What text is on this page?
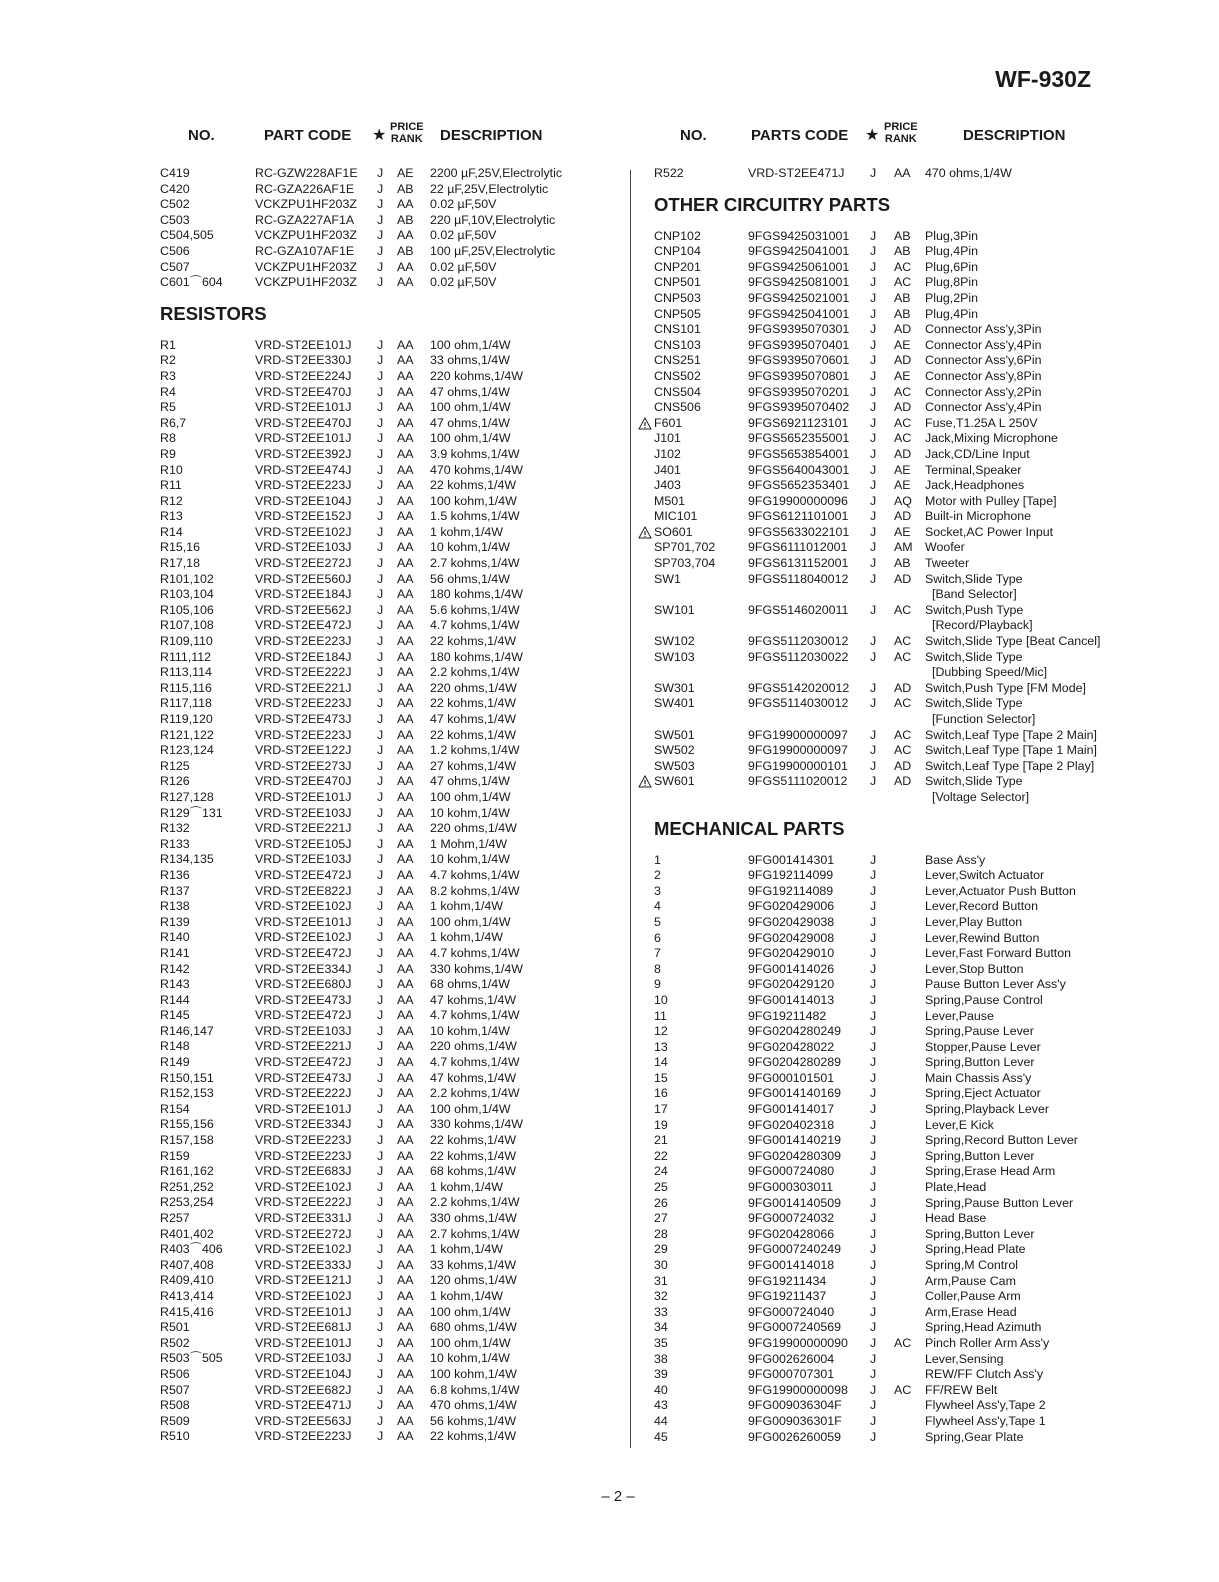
WF-930Z
NO.	PART CODE ★ PRICE
RANK DESCRIPTION
C419	RC-GZW228AF1E J AE 2200 µF,25V,Electrolytic
C420	RC-GZA226AF1E J AB 22 µF,25V,Electrolytic
C502	VCKZPU1HF203Z J AA 0.02 µF,50V
C503	RC-GZA227AF1A J AB 220 µF,10V,Electrolytic
C504,505	VCKZPU1HF203Z J AA 0.02 µF,50V
C506	RC-GZA107AF1E J AB 100 µF,25V,Electrolytic
C507	VCKZPU1HF203Z J AA 0.02 µF,50V
C601⌒604	VCKZPU1HF203Z J AA 0.02 µF,50V
RESISTORS
R1	VRD-ST2EE101J J AA 100 ohm,1/4W
R2	VRD-ST2EE330J J AA 33 ohms,1/4W
R3	VRD-ST2EE224J J AA 220 kohms,1/4W
R4	VRD-ST2EE470J J AA 47 ohms,1/4W
R5	VRD-ST2EE101J J AA 100 ohm,1/4W
R6,7	VRD-ST2EE470J J AA 47 ohms,1/4W
R8	VRD-ST2EE101J J AA 100 ohm,1/4W
R9	VRD-ST2EE392J J AA 3.9 kohms,1/4W
R10	VRD-ST2EE474J J AA 470 kohms,1/4W
R11	VRD-ST2EE223J J AA 22 kohms,1/4W
R12	VRD-ST2EE104J J AA 100 kohm,1/4W
R13	VRD-ST2EE152J J AA 1.5 kohms,1/4W
R14	VRD-ST2EE102J J AA 1 kohm,1/4W
R15,16	VRD-ST2EE103J J AA 10 kohm,1/4W
R17,18	VRD-ST2EE272J J AA 2.7 kohms,1/4W
R101,102	VRD-ST2EE560J J AA 56 ohms,1/4W
R103,104	VRD-ST2EE184J J AA 180 kohms,1/4W
R105,106	VRD-ST2EE562J J AA 5.6 kohms,1/4W
R107,108	VRD-ST2EE472J J AA 4.7 kohms,1/4W
R109,110	VRD-ST2EE223J J AA 22 kohms,1/4W
R111,112	VRD-ST2EE184J J AA 180 kohms,1/4W
R113,114	VRD-ST2EE222J J AA 2.2 kohms,1/4W
R115,116	VRD-ST2EE221J J AA 220 ohms,1/4W
R117,118	VRD-ST2EE223J J AA 22 kohms,1/4W
R119,120	VRD-ST2EE473J J AA 47 kohms,1/4W
R121,122	VRD-ST2EE223J J AA 22 kohms,1/4W
R123,124	VRD-ST2EE122J J AA 1.2 kohms,1/4W
R125	VRD-ST2EE273J J AA 27 kohms,1/4W
R126	VRD-ST2EE470J J AA 47 ohms,1/4W
R127,128	VRD-ST2EE101J J AA 100 ohm,1/4W
R129⌒131	VRD-ST2EE103J J AA 10 kohm,1/4W
R132	VRD-ST2EE221J J AA 220 ohms,1/4W
R133	VRD-ST2EE105J J AA 1 Mohm,1/4W
R134,135	VRD-ST2EE103J J AA 10 kohm,1/4W
R136	VRD-ST2EE472J J AA 4.7 kohms,1/4W
R137	VRD-ST2EE822J J AA 8.2 kohms,1/4W
R138	VRD-ST2EE102J J AA 1 kohm,1/4W
R139	VRD-ST2EE101J J AA 100 ohm,1/4W
R140	VRD-ST2EE102J J AA 1 kohm,1/4W
R141	VRD-ST2EE472J J AA 4.7 kohms,1/4W
R142	VRD-ST2EE334J J AA 330 kohms,1/4W
R143	VRD-ST2EE680J J AA 68 ohms,1/4W
R144	VRD-ST2EE473J J AA 47 kohms,1/4W
R145	VRD-ST2EE472J J AA 4.7 kohms,1/4W
R146,147	VRD-ST2EE103J J AA 10 kohm,1/4W
R148	VRD-ST2EE221J J AA 220 ohms,1/4W
R149	VRD-ST2EE472J J AA 4.7 kohms,1/4W
R150,151	VRD-ST2EE473J J AA 47 kohms,1/4W
R152,153	VRD-ST2EE222J J AA 2.2 kohms,1/4W
R154	VRD-ST2EE101J J AA 100 ohm,1/4W
R155,156	VRD-ST2EE334J J AA 330 kohms,1/4W
R157,158	VRD-ST2EE223J J AA 22 kohms,1/4W
R159	VRD-ST2EE223J J AA 22 kohms,1/4W
R161,162	VRD-ST2EE683J J AA 68 kohms,1/4W
R251,252	VRD-ST2EE102J J AA 1 kohm,1/4W
R253,254	VRD-ST2EE222J J AA 2.2 kohms,1/4W
R257	VRD-ST2EE331J J AA 330 ohms,1/4W
R401,402	VRD-ST2EE272J J AA 2.7 kohms,1/4W
R403⌒406	VRD-ST2EE102J J AA 1 kohm,1/4W
R407,408	VRD-ST2EE333J J AA 33 kohms,1/4W
R409,410	VRD-ST2EE121J J AA 120 ohms,1/4W
R413,414	VRD-ST2EE102J J AA 1 kohm,1/4W
R415,416	VRD-ST2EE101J J AA 100 ohm,1/4W
R501	VRD-ST2EE681J J AA 680 ohms,1/4W
R502	VRD-ST2EE101J J AA 100 ohm,1/4W
R503⌒505	VRD-ST2EE103J J AA 10 kohm,1/4W
R506	VRD-ST2EE104J J AA 100 kohm,1/4W
R507	VRD-ST2EE682J J AA 6.8 kohms,1/4W
R508	VRD-ST2EE471J J AA 470 ohms,1/4W
R509	VRD-ST2EE563J J AA 56 kohms,1/4W
R510	VRD-ST2EE223J J AA 22 kohms,1/4W
NO.	PARTS CODE ★ PRICE
RANK	DESCRIPTION
R522	VRD-ST2EE471J J AA 470 ohms,1/4W
OTHER CIRCUITRY PARTS
CNP102	9FGS9425031001 J AB Plug,3Pin
CNP104	9FGS9425041001 J AB Plug,4Pin
CNP201	9FGS9425061001 J AC Plug,6Pin
CNP501	9FGS9425081001 J AC Plug,8Pin
CNP503	9FGS9425021001 J AB Plug,2Pin
CNP505	9FGS9425041001 J AB Plug,4Pin
CNS101	9FGS9395070301 J AD Connector Ass'y,3Pin
CNS103	9FGS9395070401 J AE Connector Ass'y,4Pin
CNS251	9FGS9395070601 J AD Connector Ass'y,6Pin
CNS502	9FGS9395070801 J AE Connector Ass'y,8Pin
CNS504	9FGS9395070201 J AC Connector Ass'y,2Pin
CNS506	9FGS9395070402 J AD Connector Ass'y,4Pin
F601	9FGS6921123101 J AC Fuse,T1.25A L 250V
J101	9FGS5652355001 J AC Jack,Mixing Microphone
J102	9FGS5653854001 J AD Jack,CD/Line Input
J401	9FGS5640043001 J AE Terminal,Speaker
J403	9FGS5652353401 J AE Jack,Headphones
M501	9FG19900000096 J AQ Motor with Pulley [Tape]
MIC101	9FGS6121101001 J AD Built-in Microphone
SO601	9FGS5633022101 J AE Socket,AC Power Input
SP701,702	9FGS6111012001 J AM Woofer
SP703,704	9FGS6131152001 J AB Tweeter
SW1	9FGS5118040012 J AD Switch,Slide Type
[Band Selector]
SW101	9FGS5146020011 J AC Switch,Push Type
[Record/Playback]
SW102	9FGS5112030012 J AC Switch,Slide Type [Beat Cancel]
SW103	9FGS5112030022 J AC Switch,Slide Type
[Dubbing Speed/Mic]
SW301	9FGS5142020012 J AD Switch,Push Type [FM Mode]
SW401	9FGS5114030012 J AC Switch,Slide Type
[Function Selector]
SW501	9FG19900000097 J AC Switch,Leaf Type [Tape 2 Main]
SW502	9FG19900000097 J AC Switch,Leaf Type [Tape 1 Main]
SW503	9FG19900000101 J AD Switch,Leaf Type [Tape 2 Play]
SW601	9FGS5111020012 J AD Switch,Slide Type
[Voltage Selector]
MECHANICAL PARTS
1	9FG001414301	J	Base Ass'y
2	9FG192114099	J	Lever,Switch Actuator
3	9FG192114089	J	Lever,Actuator Push Button
4	9FG020429006	J	Lever,Record Button
5	9FG020429038	J	Lever,Play Button
6	9FG020429008	J	Lever,Rewind Button
7	9FG020429010	J	Lever,Fast Forward Button
8	9FG001414026	J	Lever,Stop Button
9	9FG020429120	J	Pause Button Lever Ass'y
10	9FG001414013	J	Spring,Pause Control
11	9FG19211482	J	Lever,Pause
12	9FG0204280249 J	Spring,Pause Lever
13	9FG020428022	J	Stopper,Pause Lever
14	9FG0204280289 J	Spring,Button Lever
15	9FG000101501	J	Main Chassis Ass'y
16	9FG0014140169 J	Spring,Eject Actuator
17	9FG001414017	J	Spring,Playback Lever
19	9FG020402318	J	Lever,E Kick
21	9FG0014140219 J	Spring,Record Button Lever
22	9FG0204280309 J	Spring,Button Lever
24	9FG000724080	J	Spring,Erase Head Arm
25	9FG000303011	J	Plate,Head
26	9FG0014140509 J	Spring,Pause Button Lever
27	9FG000724032	J	Head Base
28	9FG020428066	J	Spring,Button Lever
29	9FG0007240249 J	Spring,Head Plate
30	9FG001414018	J	Spring,M Control
31	9FG19211434	J	Arm,Pause Cam
32	9FG19211437	J	Coller,Pause Arm
33	9FG000724040	J	Arm,Erase Head
34	9FG0007240569 J	Spring,Head Azimuth
35	9FG19900000090 J AC Pinch Roller Arm Ass'y
38	9FG002626004	J	Lever,Sensing
39	9FG000707301	J	REW/FF Clutch Ass'y
40	9FG19900000098 J AC FF/REW Belt
43	9FG009036304F J	Flywheel Ass'y,Tape 2
44	9FG009036301F J	Flywheel Ass'y,Tape 1
45	9FG0026260059 J	Spring,Gear Plate
– 2 –
